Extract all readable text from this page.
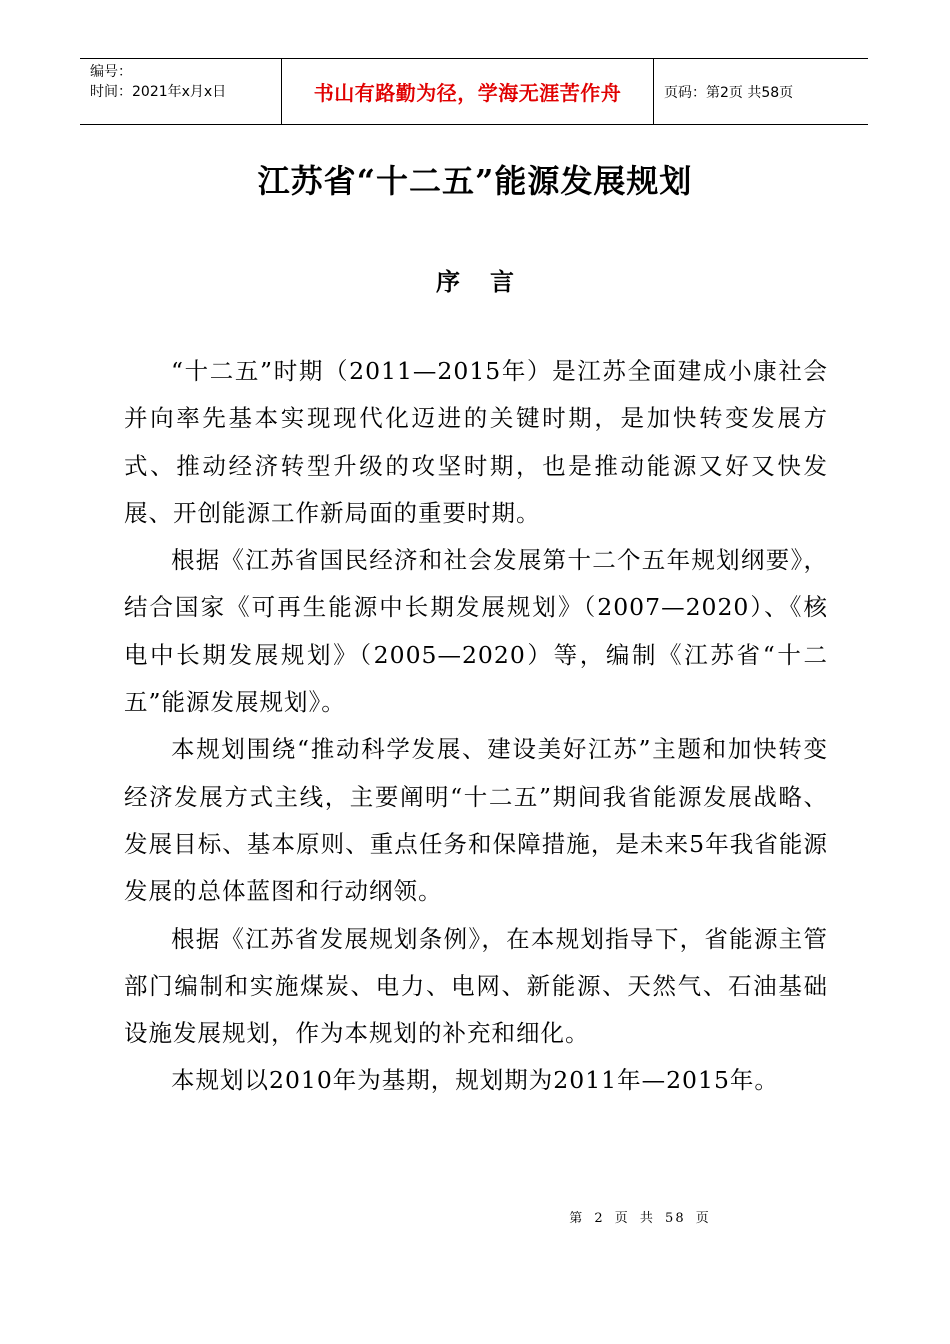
编号：
时间：2021年x月x日	书山有路勤为径，学海无涯苦作舟	页码：第2页 共58页
江苏省“十二五”能源发展规划
序言

“十二五”时期（2011—2015年）是江苏全面建成小康社会并向率先基本实现现代化迈进的关键时期，是加快转变发展方式、推动经济转型升级的攻坚时期，也是推动能源又好又快发展、开创能源工作新局面的重要时期。

根据《江苏省国民经济和社会发展第十二个五年规划纲要》，结合国家《可再生能源中长期发展规划》（2007—2020）、《核电中长期发展规划》（2005—2020）等，编制《江苏省“十二五”能源发展规划》。

本规划围绕“推动科学发展、建设美好江苏”主题和加快转变经济发展方式主线，主要阐明“十二五”期间我省能源发展战略、发展目标、基本原则、重点任务和保障措施，是未来5年我省能源发展的总体蓝图和行动纲领。

根据《江苏省发展规划条例》，在本规划指导下，省能源主管部门编制和实施煤炭、电力、电网、新能源、天然气、石油基础设施发展规划，作为本规划的补充和细化。

本规划以2010年为基期，规划期为2011年—2015年。

第 2 页 共 58 页
